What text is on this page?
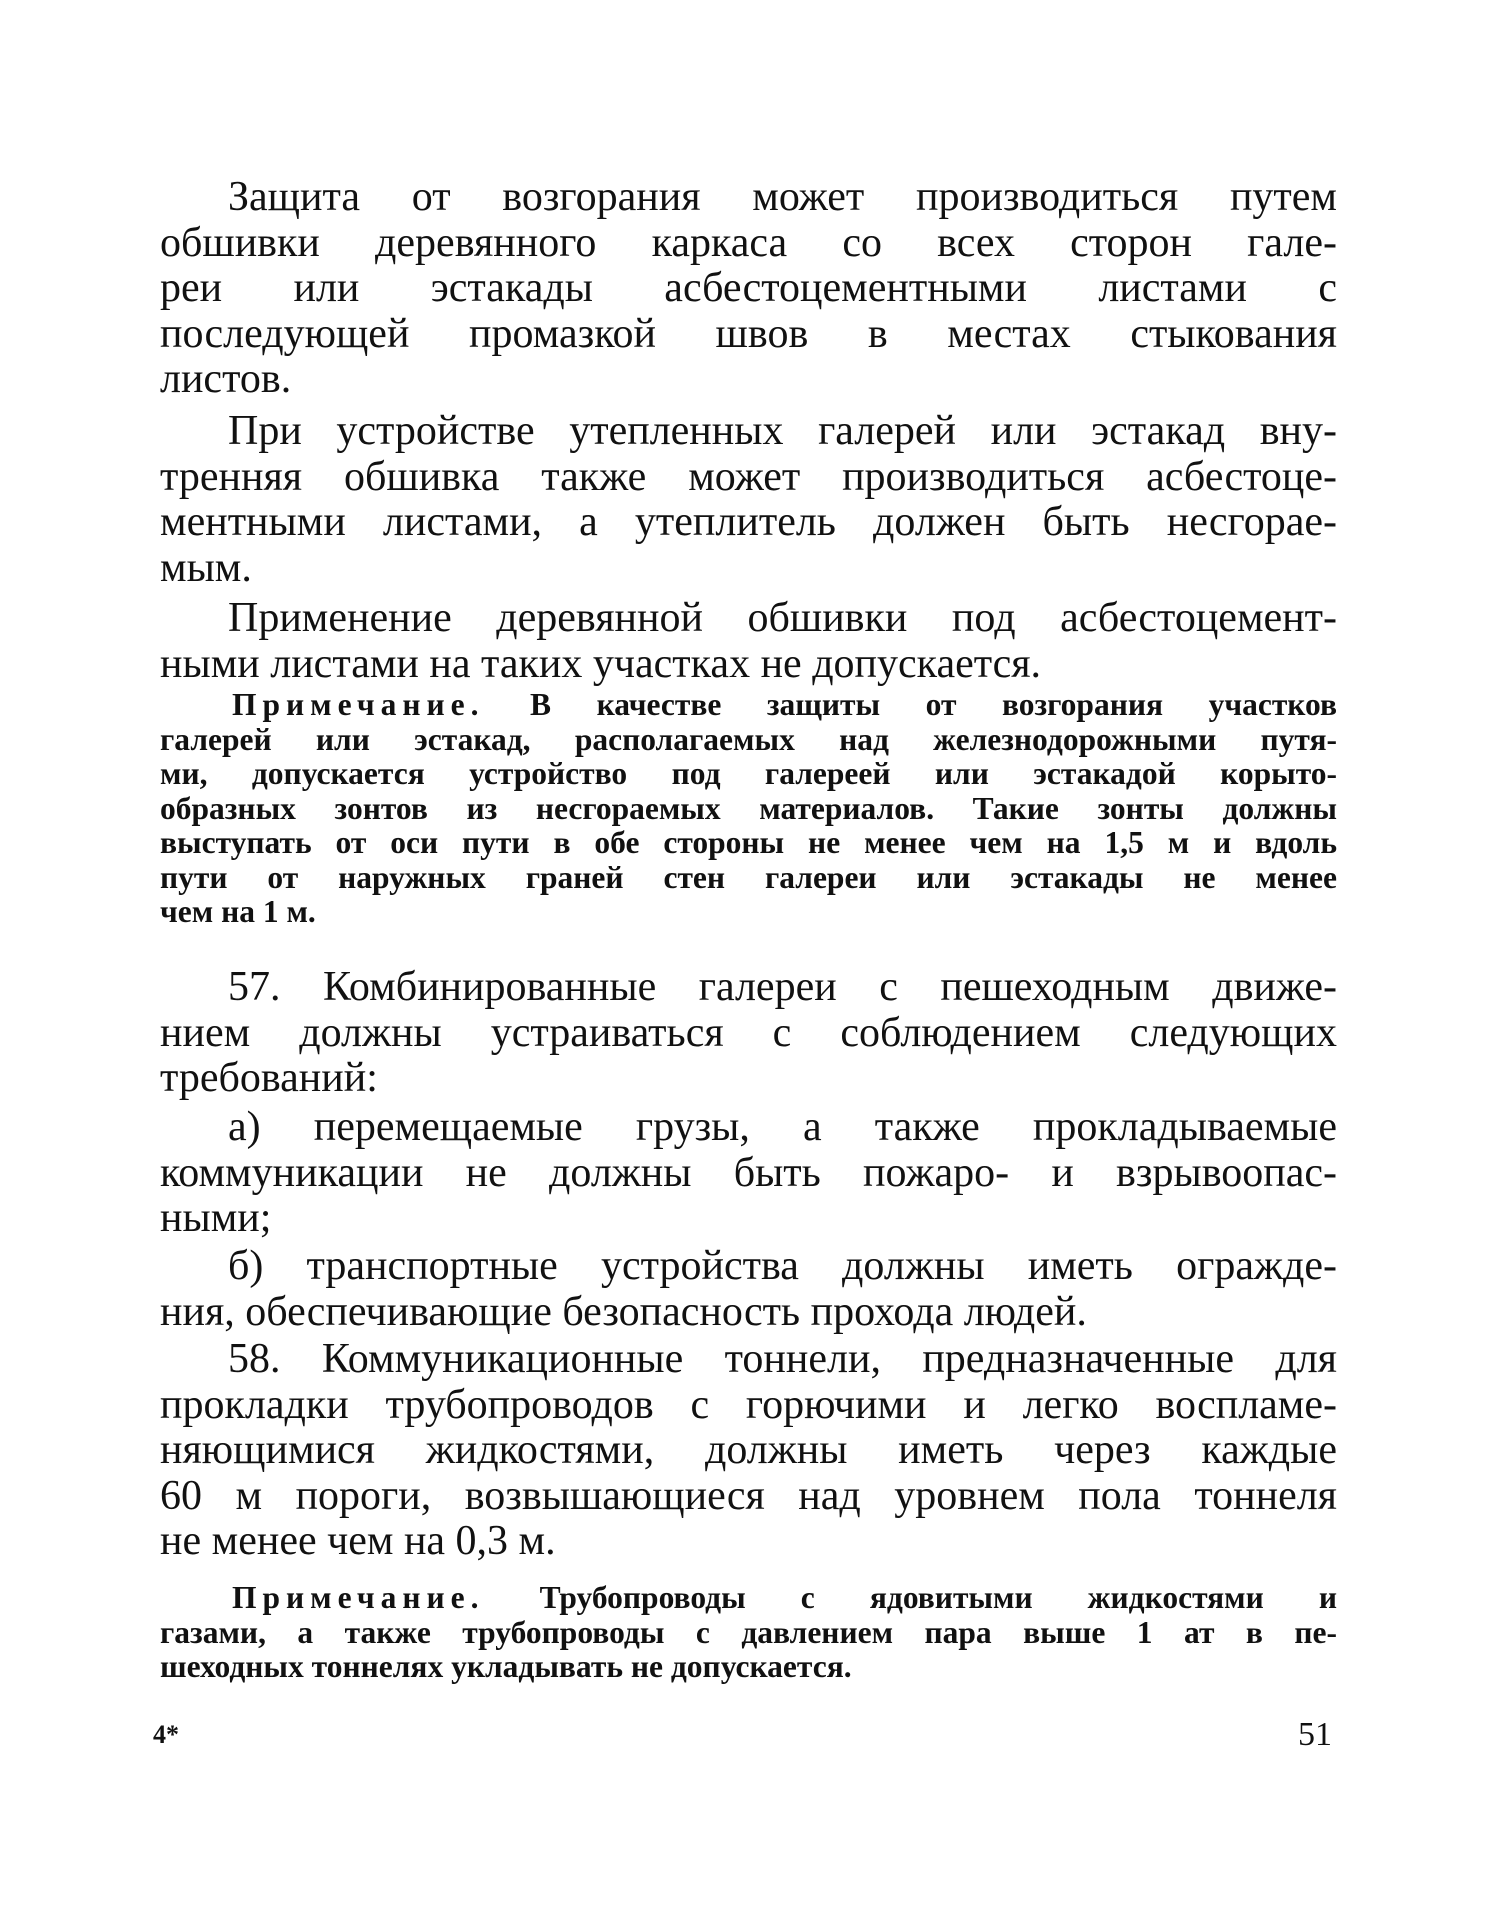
Защита от возгорания может производиться путем
обшивки деревянного каркаса со всех сторон гале-
реи или эстакады асбестоцементными листами с
последующей промазкой швов в местах стыкования
листов.
При устройстве утепленных галерей или эстакад вну-
тренняя обшивка также может производиться асбестоце-
ментными листами, а утеплитель должен быть несгорае-
мым.
Применение деревянной обшивки под асбестоцемент-
ными листами на таких участках не допускается.
Примечание. В качестве защиты от возгорания участков
галерей или эстакад, располагаемых над железнодорожными путя-
ми, допускается устройство под галереей или эстакадой корыто-
образных зонтов из несгораемых материалов. Такие зонты должны
выступать от оси пути в обе стороны не менее чем на 1,5 м и вдоль
пути от наружных граней стен галереи или эстакады не менее
чем на 1 м.
57. Комбинированные галереи с пешеходным движе-
нием должны устраиваться с соблюдением следующих
требований:
а) перемещаемые грузы, а также прокладываемые
коммуникации не должны быть пожаро- и взрывоопас-
ными;
б) транспортные устройства должны иметь огражде-
ния, обеспечивающие безопасность прохода людей.
58. Коммуникационные тоннели, предназначенные для
прокладки трубопроводов с горючими и легко воспламе-
няющимися жидкостями, должны иметь через каждые
60 м пороги, возвышающиеся над уровнем пола тоннеля
не менее чем на 0,3 м.
Примечание. Трубопроводы с ядовитыми жидкостями и
газами, а также трубопроводы с давлением пара выше 1 ат в пе-
шеходных тоннелях укладывать не допускается.
4*	51
